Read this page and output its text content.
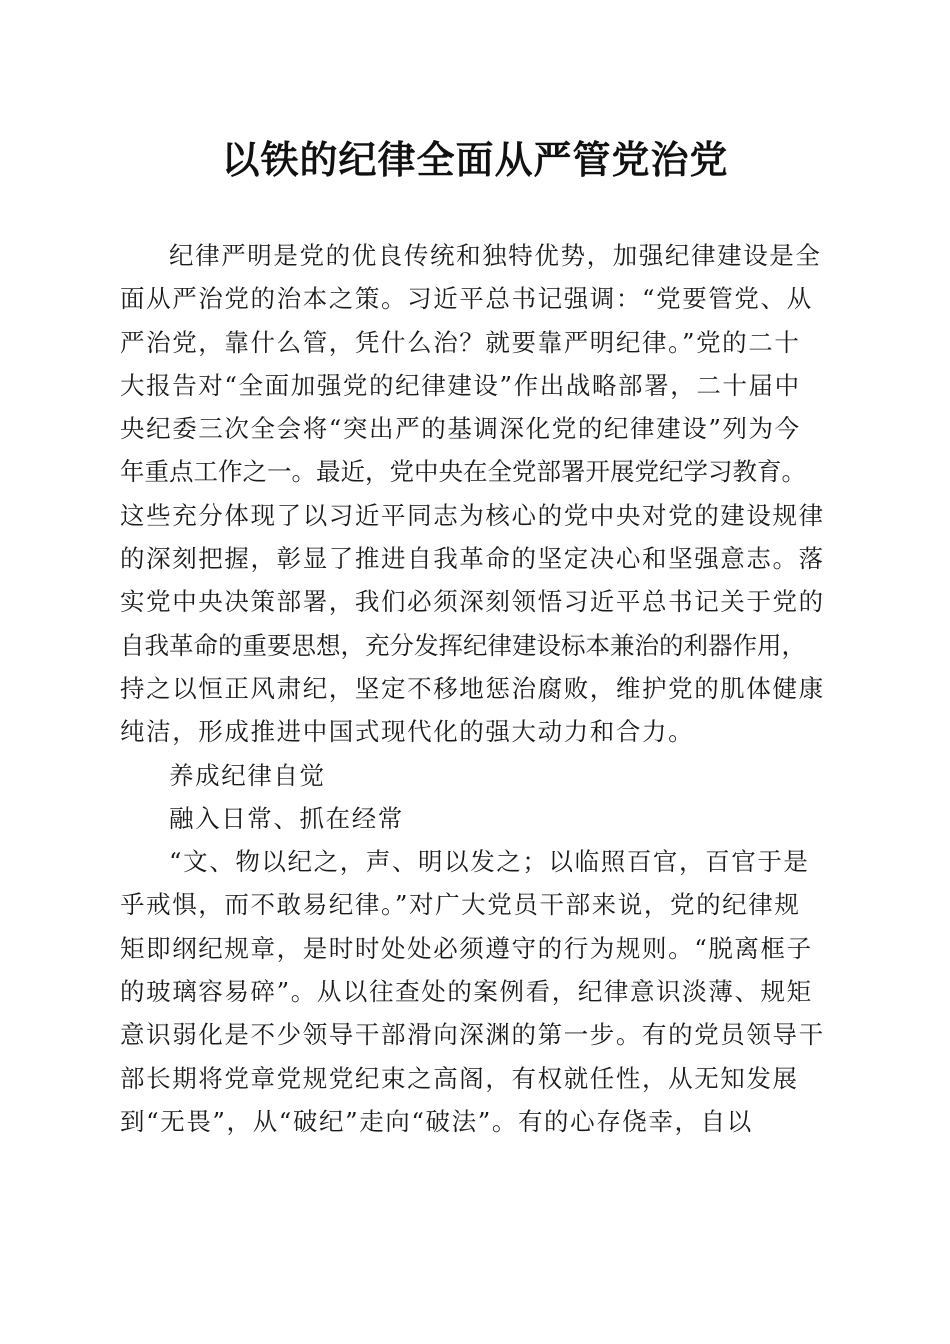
以铁的纪律全面从严管党治党
纪律严明是党的优良传统和独特优势，加强纪律建设是全
面从严治党的治本之策。习近平总书记强调：“党要管党、从
严治党，靠什么管，凭什么治？就要靠严明纪律。”党的二十
大报告对“全面加强党的纪律建设”作出战略部署，二十届中
央纪委三次全会将“突出严的基调深化党的纪律建设”列为今
年重点工作之一。最近，党中央在全党部署开展党纪学习教育。
这些充分体现了以习近平同志为核心的党中央对党的建设规律
的深刻把握，彰显了推进自我革命的坚定决心和坚强意志。落
实党中央决策部署，我们必须深刻领悟习近平总书记关于党的
自我革命的重要思想，充分发挥纪律建设标本兼治的利器作用，
持之以恒正风肃纪，坚定不移地惩治腐败，维护党的肌体健康
纯洁，形成推进中国式现代化的强大动力和合力。
养成纪律自觉
融入日常、抓在经常
“文、物以纪之，声、明以发之；以临照百官，百官于是
乎戒惧，而不敢易纪律。”对广大党员干部来说，党的纪律规
矩即纲纪规章，是时时处处必须遵守的行为规则。“脱离框子
的玻璃容易碎”。从以往查处的案例看，纪律意识淡薄、规矩
意识弱化是不少领导干部滑向深渊的第一步。有的党员领导干
部长期将党章党规党纪束之高阁，有权就任性，从无知发展
到“无畏”，从“破纪”走向“破法”。有的心存侥幸，自以
